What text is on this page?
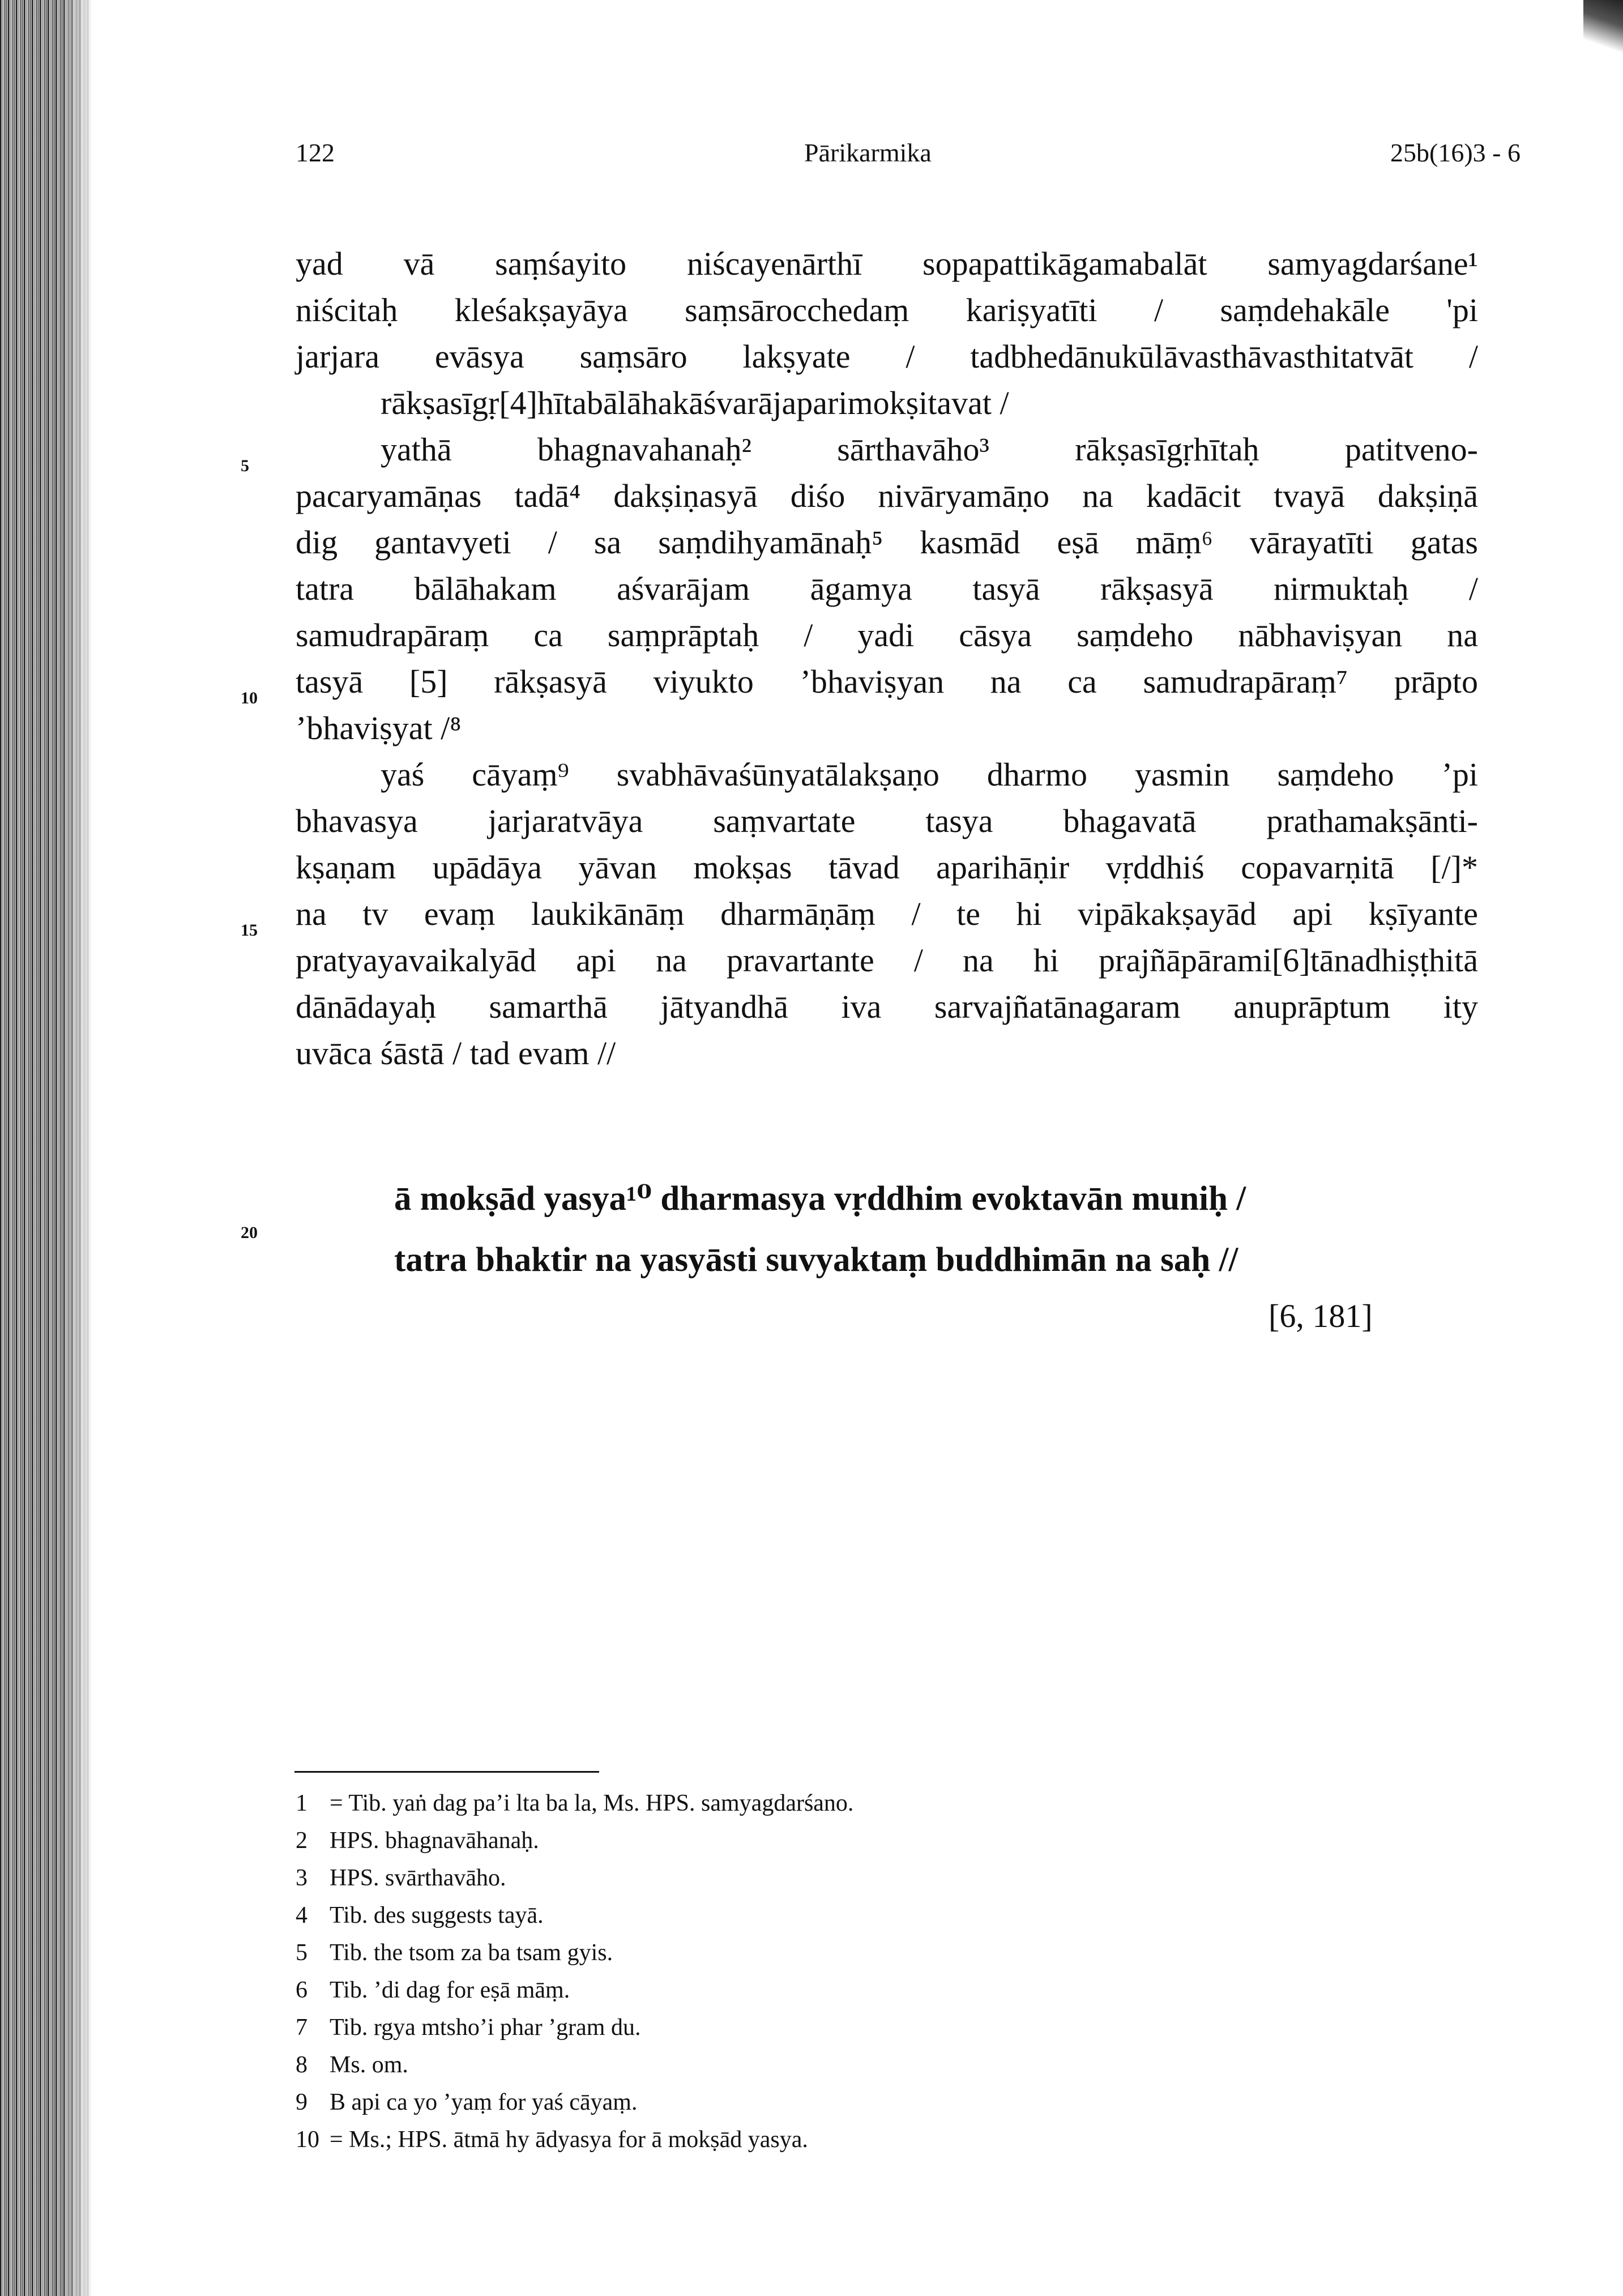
122	Pārikarmika	25b(16)3 - 6

yad vā saṃśayito niścayenārthī sopapattikāgamabalāt samyagdarśane¹

niścitaḥ kleśakṣayāya saṃsārocchedaṃ kariṣyatīti / saṃdehakāle 'pi

jarjara evāsya saṃsāro lakṣyate / tadbhedānukūlāvasthāvasthitatvāt /

rākṣasīgṛ[4]hītabālāhakāśvarājaparimokṣitavat /

yathā bhagnavahanaḥ² sārthavāho³ rākṣasīgṛhītaḥ patitveno-

pacaryamāṇas tadā⁴ dakṣiṇasyā diśo nivāryamāṇo na kadācit tvayā dakṣiṇā

dig gantavyeti / sa saṃdihyamānaḥ⁵ kasmād eṣā māṃ⁶ vārayatīti gatas

tatra bālāhakam aśvarājam āgamya tasyā rākṣasyā nirmuktaḥ /

samudrapāraṃ ca saṃprāptaḥ / yadi cāsya saṃdeho nābhaviṣyan na

tasyā [5] rākṣasyā viyukto ’bhaviṣyan na ca samudrapāraṃ⁷ prāpto

’bhaviṣyat /⁸

yaś cāyaṃ⁹ svabhāvaśūnyatālakṣaṇo dharmo yasmin saṃdeho ’pi

bhavasya jarjaratvāya saṃvartate tasya bhagavatā prathamakṣānti-

kṣaṇam upādāya yāvan mokṣas tāvad aparihāṇir vṛddhiś copavarṇitā [/]*

na tv evaṃ laukikānāṃ dharmāṇāṃ / te hi vipākakṣayād api kṣīyante

pratyayavaikalyād api na pravartante / na hi prajñāpārami[6]tānadhiṣṭhitā

dānādayaḥ samarthā jātyandhā iva sarvajñatānagaram anuprāptum ity

uvāca śāstā / tad evam //

5
10
15
20
ā mokṣād yasya¹⁰ dharmasya vṛddhim evoktavān muniḥ /
tatra bhaktir na yasyāsti suvyaktaṃ buddhimān na saḥ //
[6, 181]
1 = Tib. yaṅ dag pa’i lta ba la, Ms. HPS. samyagdarśano.
2 HPS. bhagnavāhanaḥ.
3 HPS. svārthavāho.
4 Tib. des suggests tayā.
5 Tib. the tsom za ba tsam gyis.
6 Tib. ’di dag for eṣā māṃ.
7 Tib. rgya mtsho’i phar ’gram du.
8 Ms. om.
9 B api ca yo ’yaṃ for yaś cāyaṃ.
10 = Ms.; HPS. ātmā hy ādyasya for ā mokṣād yasya.
